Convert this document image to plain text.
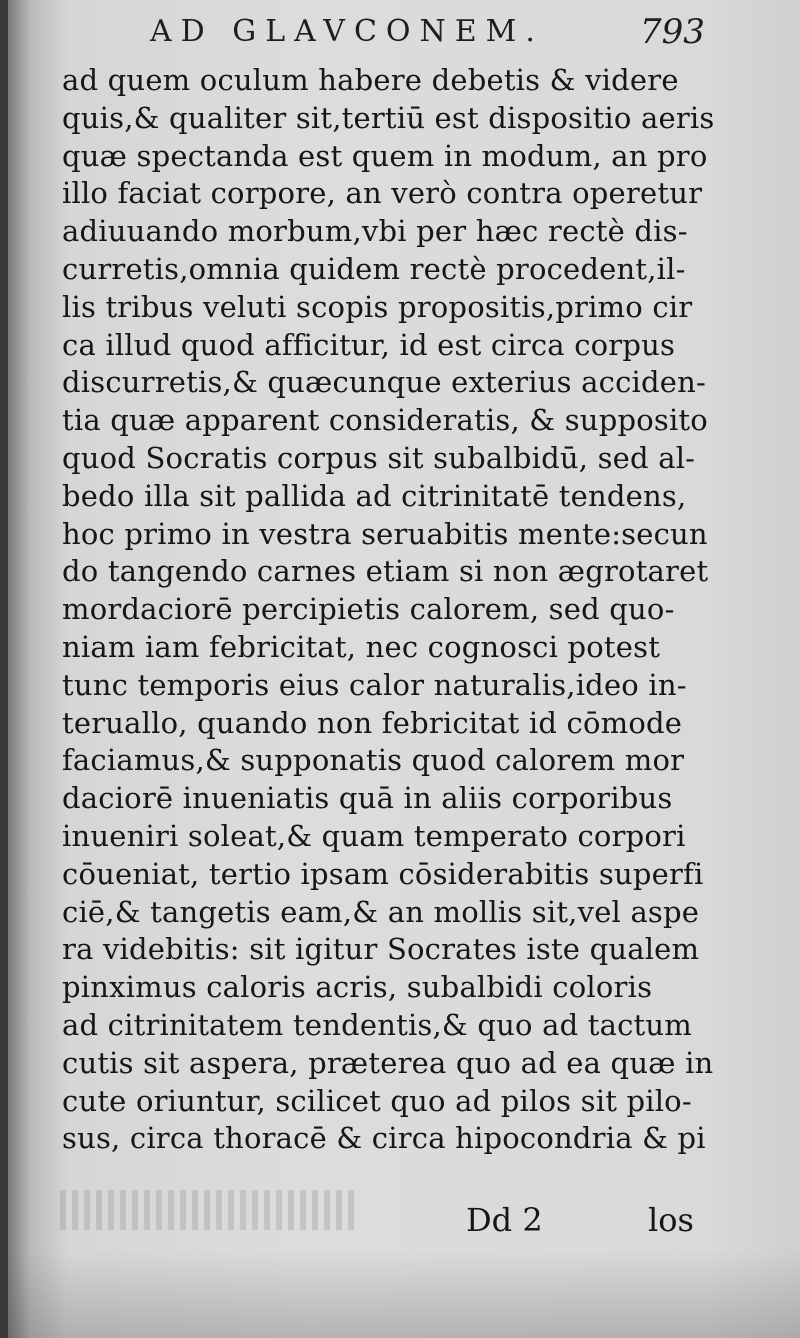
AD GLAVCONEM.	793
ad quem oculum habere debetis & videre
quis,& qualiter sit,tertiū est dispositio aeris
quæ spectanda est quem in modum, an pro
illo faciat corpore, an verò contra operetur
adiuuando morbum,vbi per hæc rectè dis-
curretis,omnia quidem rectè procedent,il-
lis tribus veluti scopis propositis,primo cir
ca illud quod afficitur, id est circa corpus
discurretis,& quæcunque exterius acciden-
tia quæ apparent consideratis, & supposito
quod Socratis corpus sit subalbidū, sed al-
bedo illa sit pallida ad citrinitatē tendens,
hoc primo in vestra seruabitis mente:secun
do tangendo carnes etiam si non ægrotaret
mordaciorē percipietis calorem, sed quo-
niam iam febricitat, nec cognosci potest
tunc temporis eius calor naturalis,ideo in-
teruallo, quando non febricitat id cōmode
faciamus,& supponatis quod calorem mor
daciorē inueniatis quā in aliis corporibus
inueniri soleat,& quam temperato corpori
cōueniat, tertio ipsam cōsiderabitis superfi
ciē,& tangetis eam,& an mollis sit,vel aspe
ra videbitis: sit igitur Socrates iste qualem
pinximus caloris acris, subalbidi coloris
ad citrinitatem tendentis,& quo ad tactum
cutis sit aspera, præterea quo ad ea quæ in
cute oriuntur, scilicet quo ad pilos sit pilo-
sus, circa thoracē & circa hipocondria & pi
Dd 2	los
